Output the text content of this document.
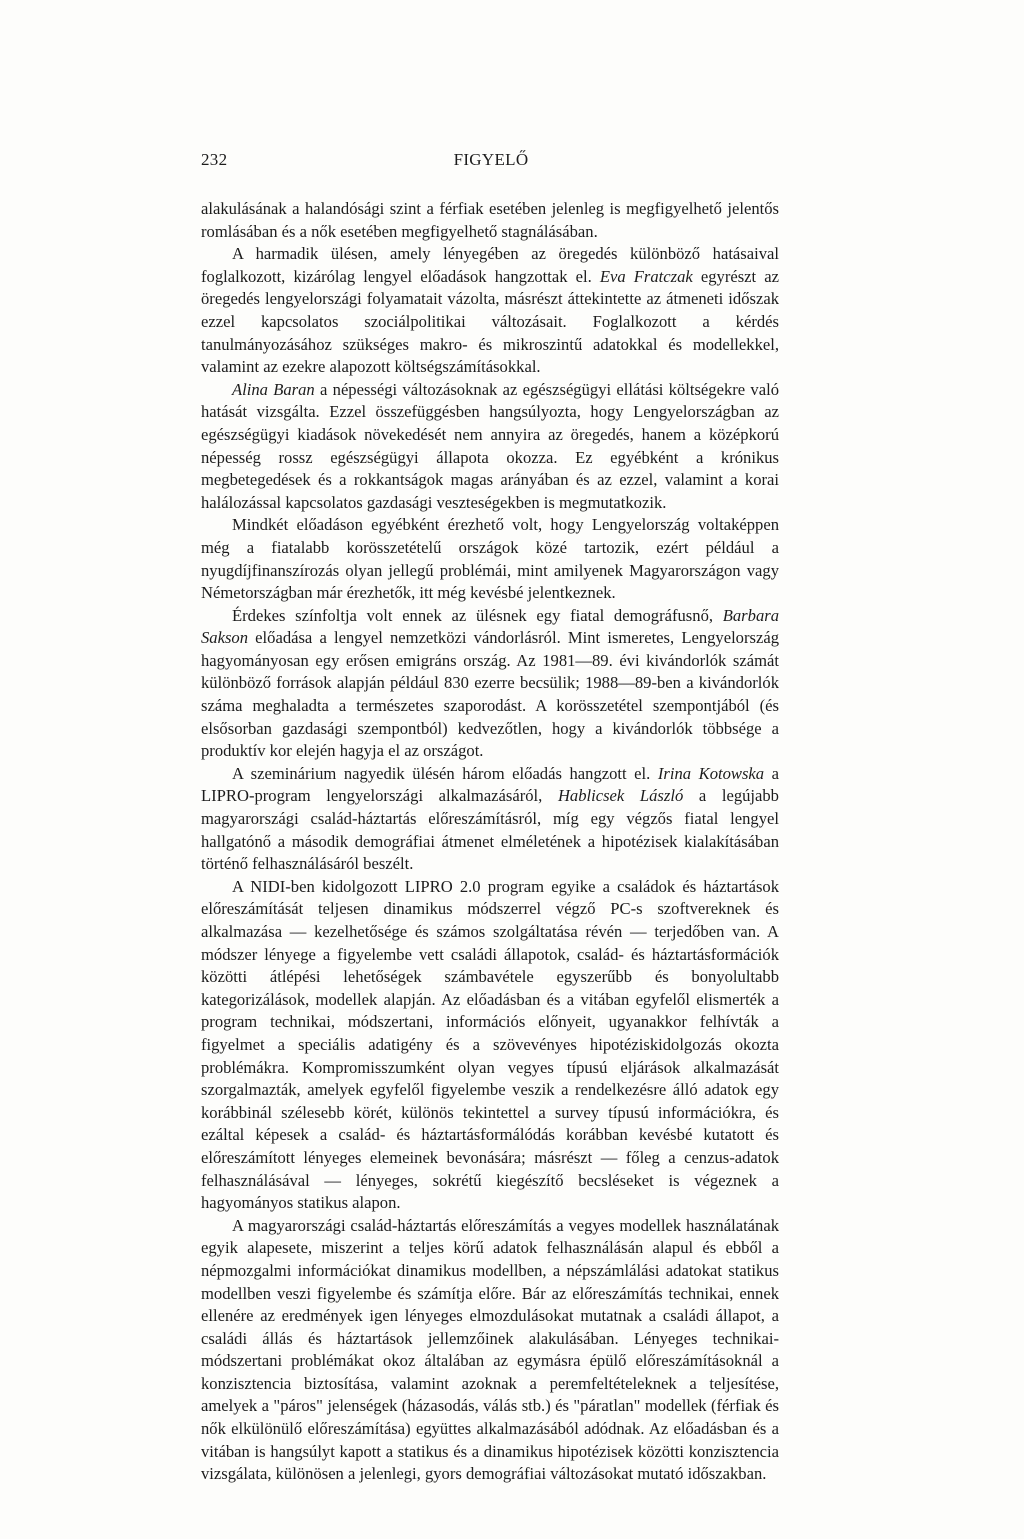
232	FIGYELŐ

alakulásának a halandósági szint a férfiak esetében jelenleg is megfigyelhető jelentős romlásában és a nők esetében megfigyelhető stagnálásában.

A harmadik ülésen, amely lényegében az öregedés különböző hatásaival foglalkozott, kizárólag lengyel előadások hangzottak el. Eva Fratczak egyrészt az öregedés lengyelországi folyamatait vázolta, másrészt áttekintette az átmeneti időszak ezzel kapcsolatos szociálpolitikai változásait. Foglalkozott a kérdés tanulmányozásához szükséges makro- és mikroszintű adatokkal és modellekkel, valamint az ezekre alapozott költségszámításokkal.

Alina Baran a népességi változásoknak az egészségügyi ellátási költségekre való hatását vizsgálta. Ezzel összefüggésben hangsúlyozta, hogy Lengyelországban az egészségügyi kiadások növekedését nem annyira az öregedés, hanem a középkorú népesség rossz egészségügyi állapota okozza. Ez egyébként a krónikus megbetegedések és a rokkantságok magas arányában és az ezzel, valamint a korai halálozással kapcsolatos gazdasági veszteségekben is megmutatkozik.

Mindkét előadáson egyébként érezhető volt, hogy Lengyelország voltaképpen még a fiatalabb korösszetételű országok közé tartozik, ezért például a nyugdíjfinanszírozás olyan jellegű problémái, mint amilyenek Magyarországon vagy Németországban már érezhetők, itt még kevésbé jelentkeznek.

Érdekes színfoltja volt ennek az ülésnek egy fiatal demográfusnő, Barbara Sakson előadása a lengyel nemzetközi vándorlásról. Mint ismeretes, Lengyelország hagyományosan egy erősen emigráns ország. Az 1981—89. évi kivándorlók számát különböző források alapján például 830 ezerre becsülik; 1988—89-ben a kivándorlók száma meghaladta a természetes szaporodást. A korösszetétel szempontjából (és elsősorban gazdasági szempontból) kedvezőtlen, hogy a kivándorlók többsége a produktív kor elején hagyja el az országot.

A szeminárium nagyedik ülésén három előadás hangzott el. Irina Kotowska a LIPRO-program lengyelországi alkalmazásáról, Hablicsek László a legújabb magyarországi család-háztartás előreszámításról, míg egy végzős fiatal lengyel hallgatónő a második demográfiai átmenet elméletének a hipotézisek kialakításában történő felhasználásáról beszélt.

A NIDI-ben kidolgozott LIPRO 2.0 program egyike a családok és háztartások előreszámítását teljesen dinamikus módszerrel végző PC-s szoftvereknek és alkalmazása — kezelhetősége és számos szolgáltatása révén — terjedőben van. A módszer lényege a figyelembe vett családi állapotok, család- és háztartásformációk közötti átlépési lehetőségek számbavétele egyszerűbb és bonyolultabb kategorizálások, modellek alapján. Az előadásban és a vitában egyfelől elismerték a program technikai, módszertani, információs előnyeit, ugyanakkor felhívták a figyelmet a speciális adatigény és a szövevényes hipotéziskidolgozás okozta problémákra. Kompromisszumként olyan vegyes típusú eljárások alkalmazását szorgalmazták, amelyek egyfelől figyelembe veszik a rendelkezésre álló adatok egy korábbinál szélesebb körét, különös tekintettel a survey típusú információkra, és ezáltal képesek a család- és háztartásformálódás korábban kevésbé kutatott és előreszámított lényeges elemeinek bevonására; másrészt — főleg a cenzus-adatok felhasználásával — lényeges, sokrétű kiegészítő becsléseket is végeznek a hagyományos statikus alapon.

A magyarországi család-háztartás előreszámítás a vegyes modellek használatának egyik alapesete, miszerint a teljes körű adatok felhasználásán alapul és ebből a népmozgalmi információkat dinamikus modellben, a népszámlálási adatokat statikus modellben veszi figyelembe és számítja előre. Bár az előreszámítás technikai, ennek ellenére az eredmények igen lényeges elmozdulásokat mutatnak a családi állapot, a családi állás és háztartások jellemzőinek alakulásában. Lényeges technikai-módszertani problémákat okoz általában az egymásra épülő előreszámításoknál a konzisztencia biztosítása, valamint azoknak a peremfeltételeknek a teljesítése, amelyek a "páros" jelenségek (házasodás, válás stb.) és "páratlan" modellek (férfiak és nők elkülönülő előreszámítása) együttes alkalmazásából adódnak. Az előadásban és a vitában is hangsúlyt kapott a statikus és a dinamikus hipotézisek közötti konzisztencia vizsgálata, különösen a jelenlegi, gyors demográfiai változásokat mutató időszakban.
